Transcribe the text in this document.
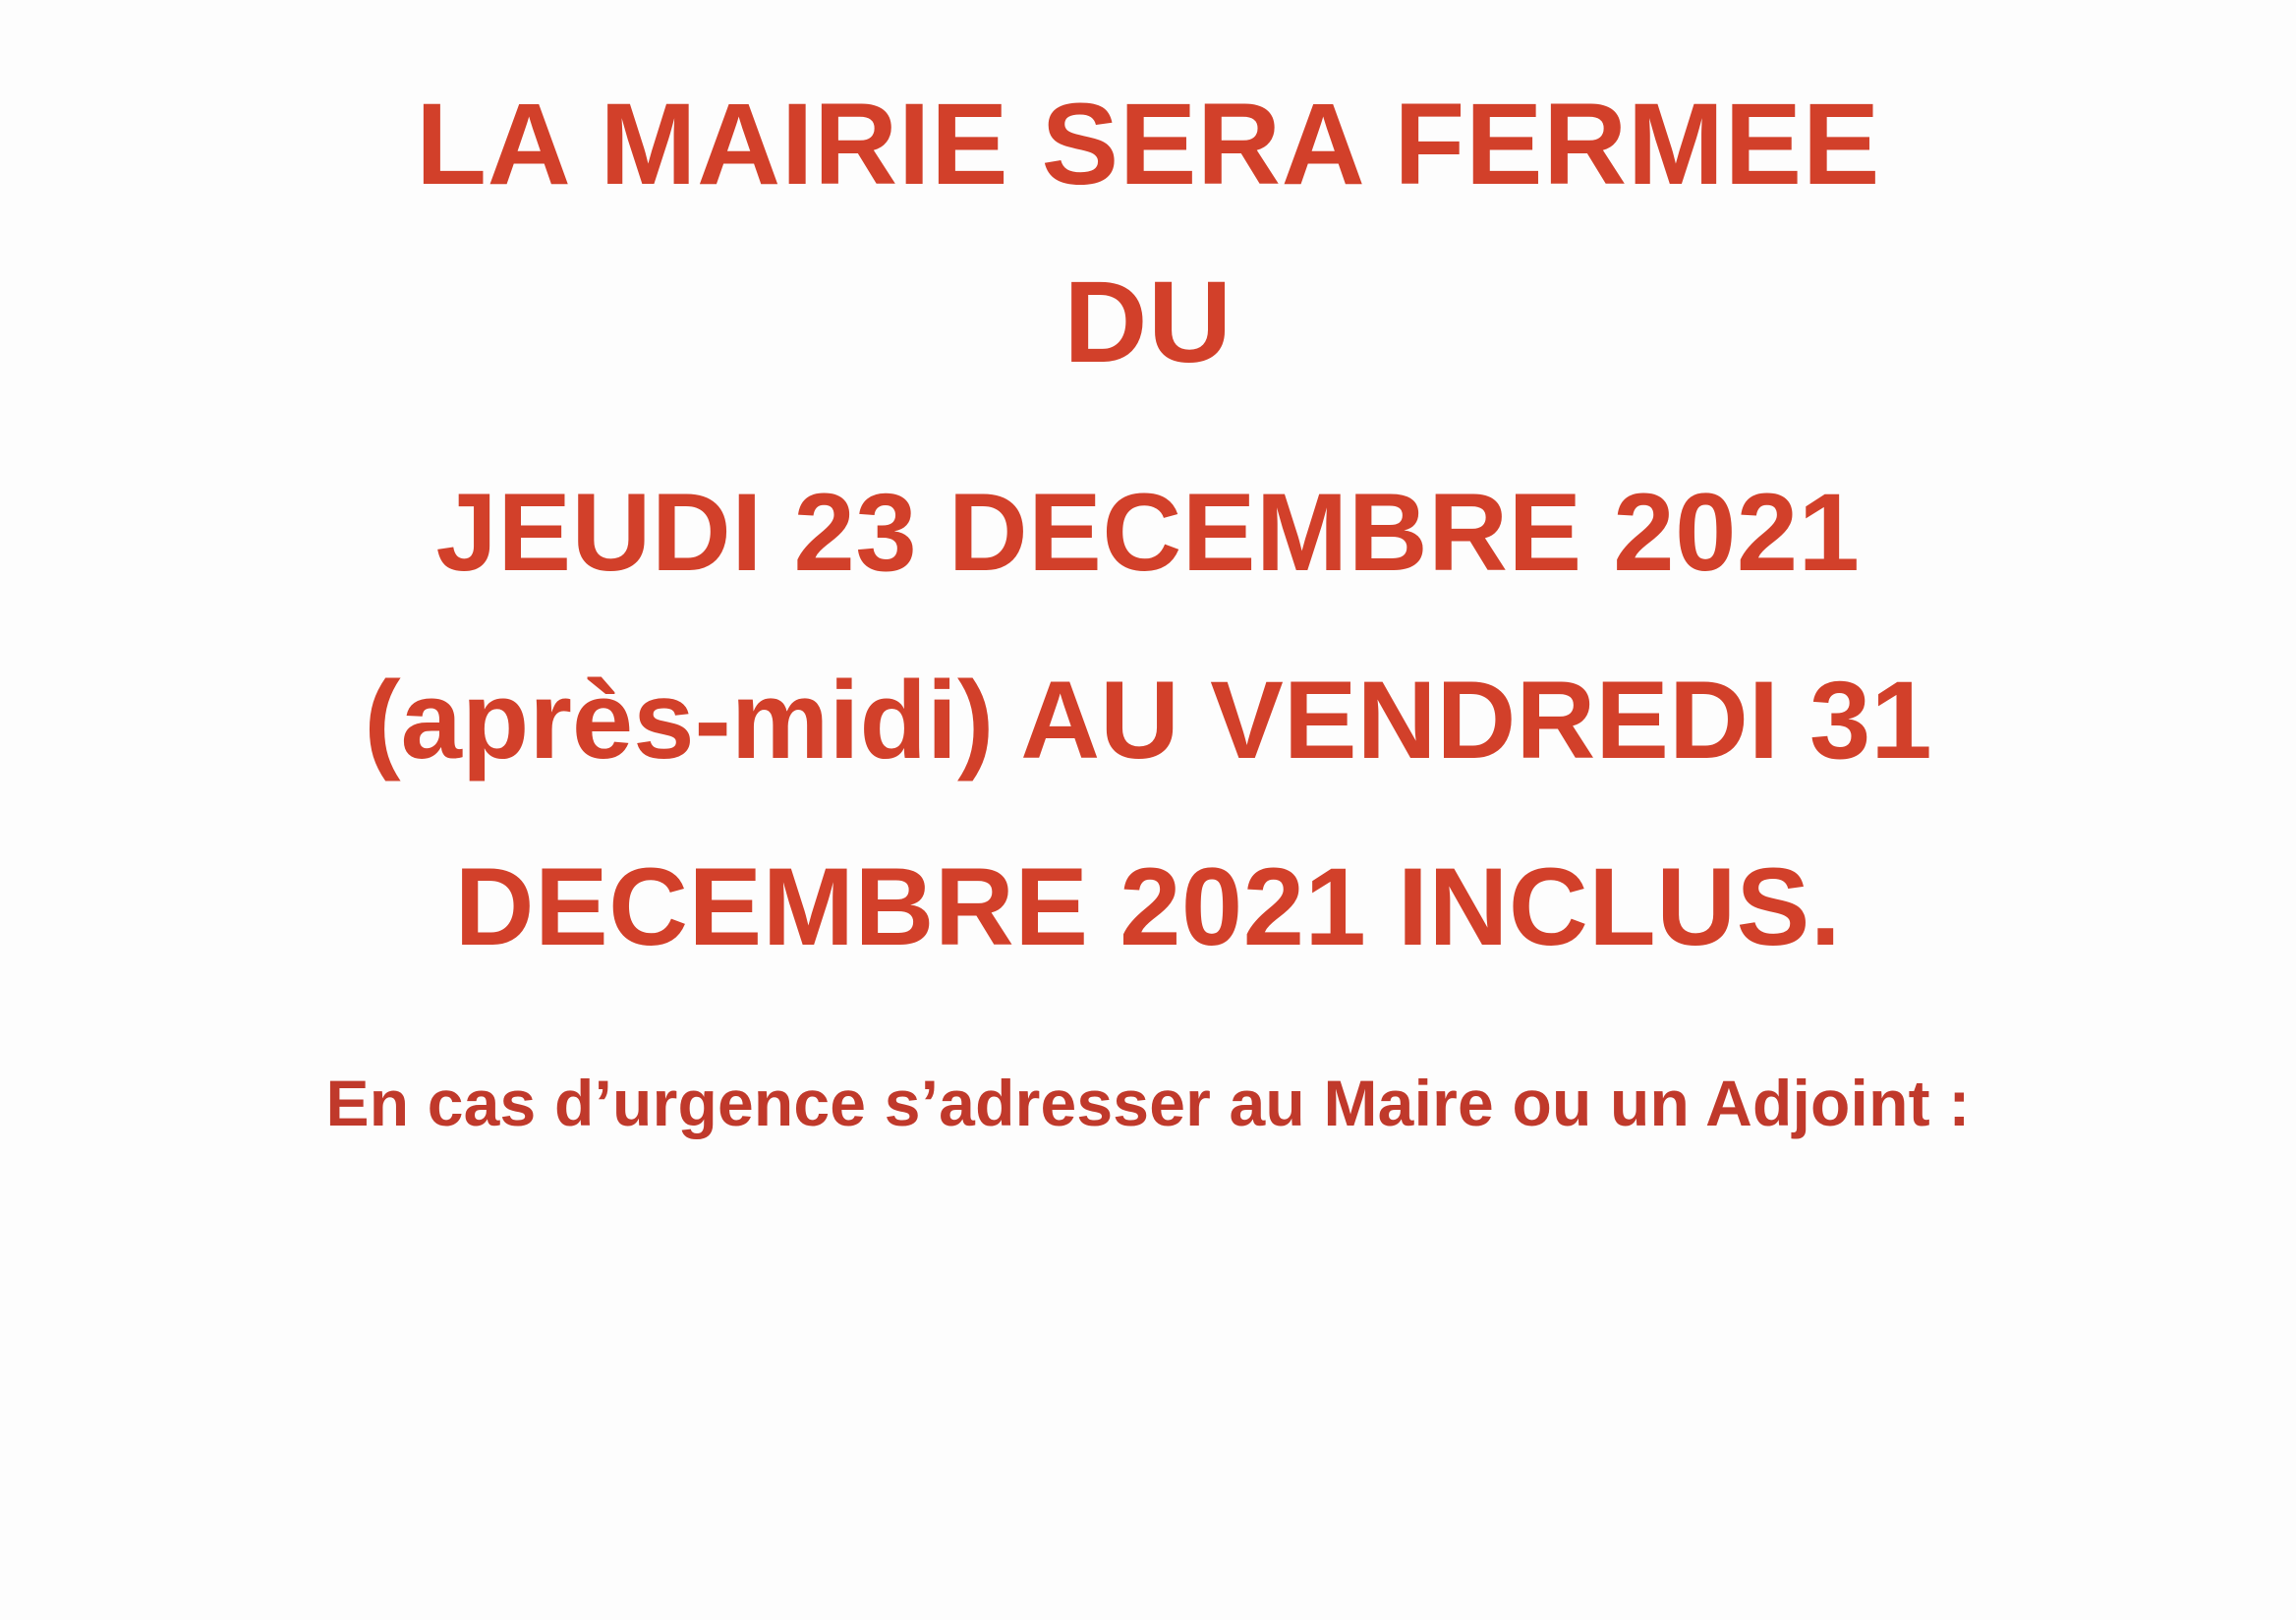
LA MAIRIE SERA FERMEE
DU
JEUDI 23 DECEMBRE 2021
(après-midi) AU VENDREDI 31
DECEMBRE 2021 INCLUS.
En cas d’urgence s’adresser au Maire ou un Adjoint :
